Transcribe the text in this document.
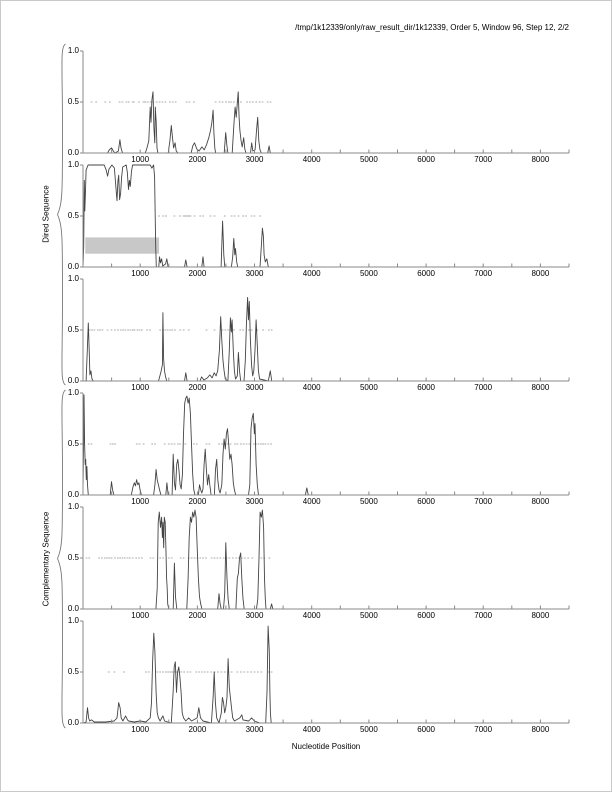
/tmp/1k12339/only/raw_result_dir/1k12339, Order 5, Window 96, Step 12, 2/2
Dired Sequence
Complementary Sequence
0.0
0.5
1.0
1000	2000	3000	4000	5000	6000	7000	8000
0.0
0.5
1.0
1000	2000	3000	4000	5000	6000	7000	8000
0.0
0.5
1.0
1000	2000	3000	4000	5000	6000	7000	8000
0.0
0.5
1.0
1000	2000	3000	4000	5000	6000	7000	8000
0.0
0.5
1.0
1000	2000	3000	4000	5000	6000	7000	8000
0.0
0.5
1.0
1000	2000	3000	4000	5000	6000	7000	8000
Nucleotide Position
